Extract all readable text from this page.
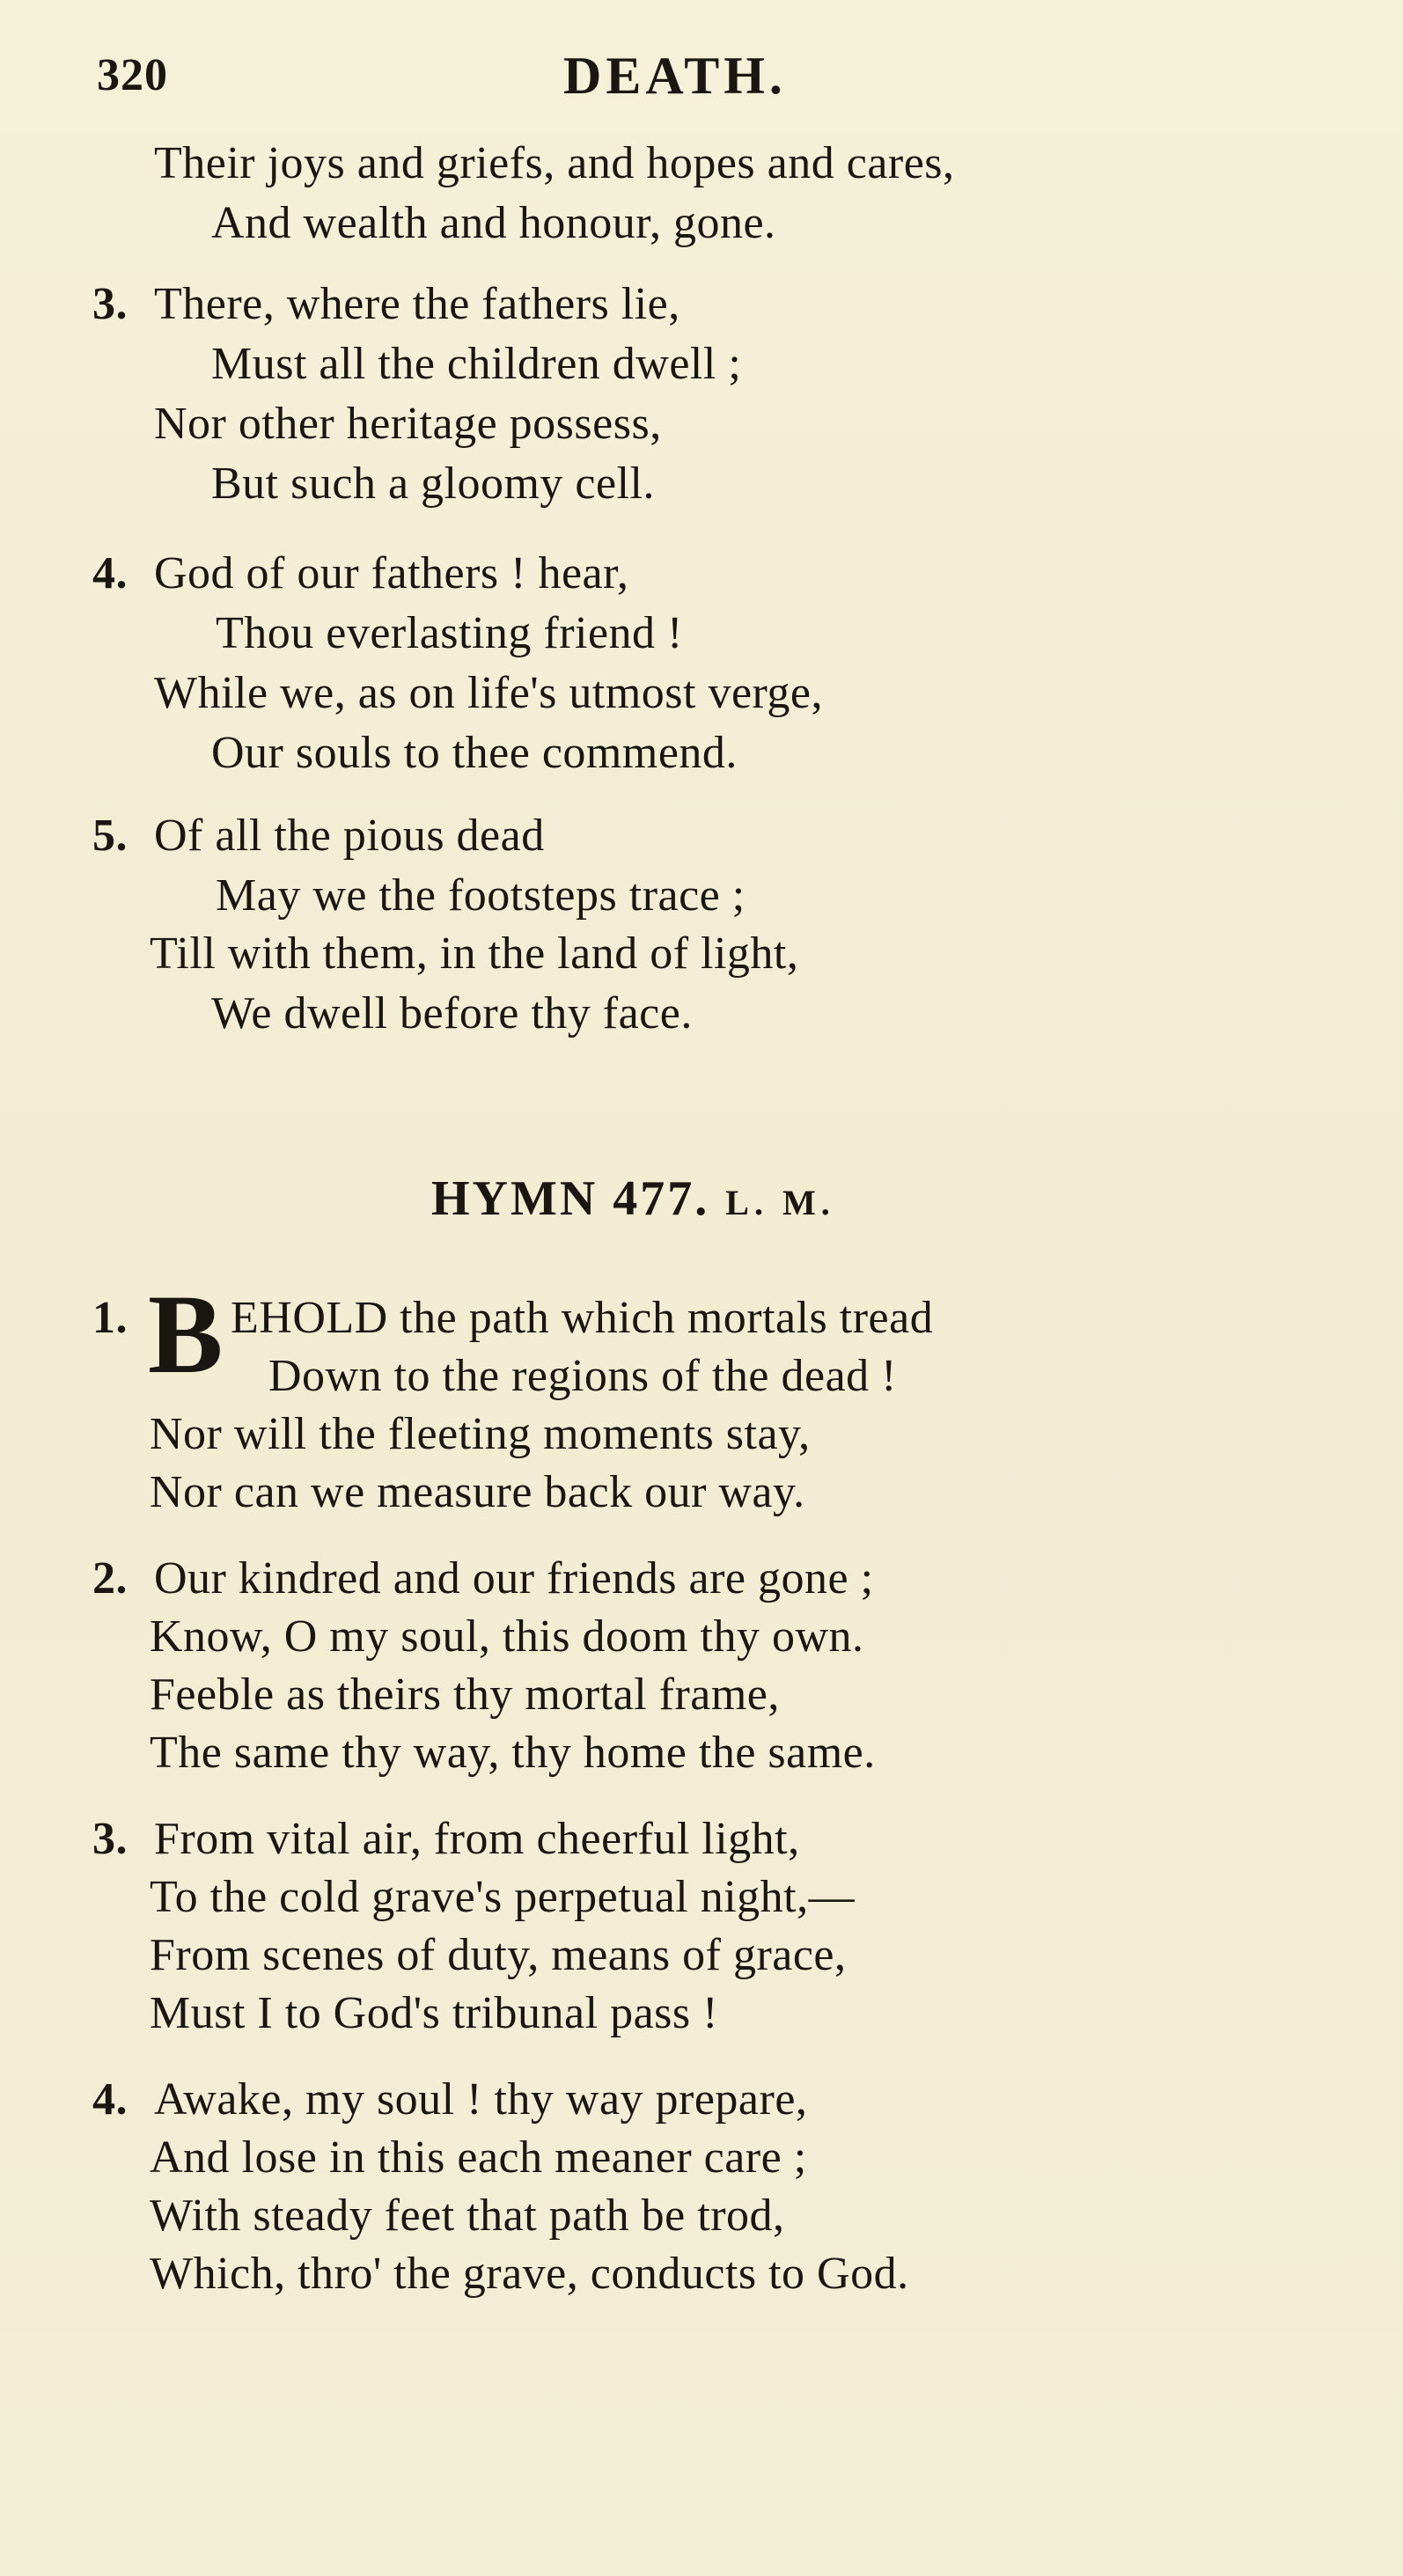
320	DEATH.
Their joys and griefs, and hopes and cares,
And wealth and honour, gone.
3. There, where the fathers lie,
Must all the children dwell ;
Nor other heritage possess,
But such a gloomy cell.
4. God of our fathers ! hear,
Thou everlasting friend !
While we, as on life's utmost verge,
Our souls to thee commend.
5. Of all the pious dead
May we the footsteps trace ;
Till with them, in the land of light,
We dwell before thy face.
HYMN 477. L. M.
1. B EHOLD the path which mortals tread
Down to the regions of the dead !
Nor will the fleeting moments stay,
Nor can we measure back our way.
2. Our kindred and our friends are gone ;
Know, O my soul, this doom thy own.
Feeble as theirs thy mortal frame,
The same thy way, thy home the same.
3. From vital air, from cheerful light,
To the cold grave's perpetual night,—
From scenes of duty, means of grace,
Must I to God's tribunal pass !
4. Awake, my soul ! thy way prepare,
And lose in this each meaner care ;
With steady feet that path be trod,
Which, thro' the grave, conducts to God.
